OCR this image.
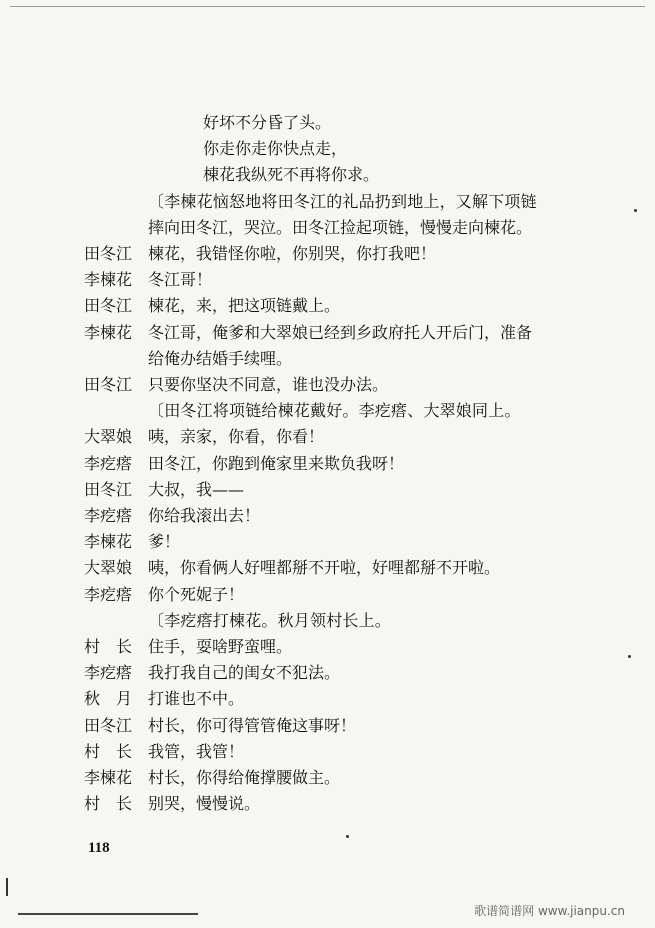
好坏不分昏了头。
你走你走你快点走，
棟花我纵死不再将你求。
〔李楝花恼怒地将田冬江的礼品扔到地上，又解下项链
摔向田冬江，哭泣。田冬江捡起项链，慢慢走向楝花。
田冬江 楝花，我错怪你啦，你别哭，你打我吧！
李楝花 冬江哥！
田冬江 楝花，来，把这项链戴上。
李楝花 冬江哥，俺爹和大翠娘已经到乡政府托人开后门，准备
给俺办结婚手续哩。
田冬江 只要你坚决不同意，谁也没办法。
〔田冬江将项链给楝花戴好。李疙瘩、大翠娘同上。
大翠娘 咦，亲家，你看，你看！
李疙瘩 田冬江，你跑到俺家里来欺负我呀！
田冬江 大叔，我——
李疙瘩 你给我滚出去！
李楝花 爹！
大翠娘 咦，你看俩人好哩都掰不开啦，好哩都掰不开啦。
李疙瘩 你个死妮子！
〔李疙瘩打楝花。秋月领村长上。
村　长 住手，耍啥野蛮哩。
李疙瘩 我打我自己的闺女不犯法。
秋　月 打谁也不中。
田冬江 村长，你可得管管俺这事呀！
村　长 我管，我管！
李楝花 村长，你得给俺撑腰做主。
村　长 别哭，慢慢说。
118
歌谱简谱网 www.jianpu.cn
